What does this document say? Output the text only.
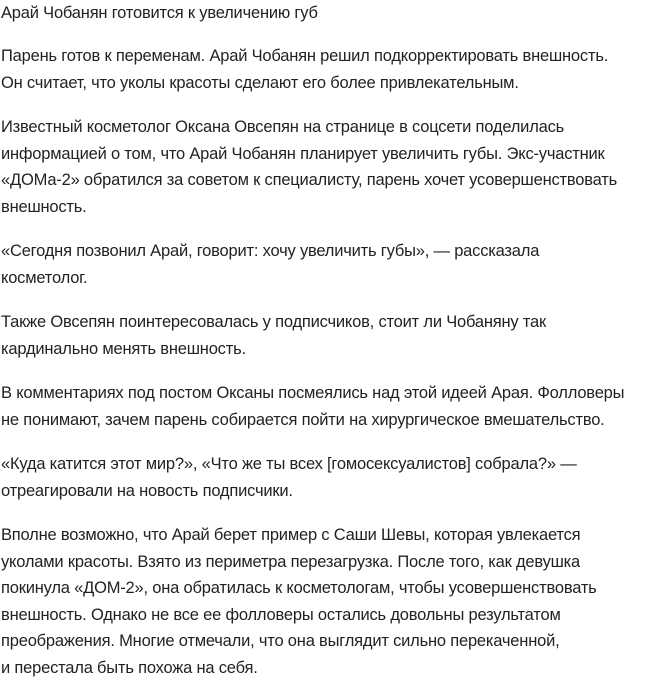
Арай Чобанян готовится к увеличению губ
Парень готов к переменам. Арай Чобанян решил подкорректировать внешность.
Он считает, что уколы красоты сделают его более привлекательным.
Известный косметолог Оксана Овсепян на странице в соцсети поделилась
информацией о том, что Арай Чобанян планирует увеличить губы. Экс-участник
«ДОМа-2» обратился за советом к специалисту, парень хочет усовершенствовать
внешность.
«Сегодня позвонил Арай, говорит: хочу увеличить губы», — рассказала
косметолог.
Также Овсепян поинтересовалась у подписчиков, стоит ли Чобаняну так
кардинально менять внешность.
В комментариях под постом Оксаны посмеялись над этой идеей Арая. Фолловеры
не понимают, зачем парень собирается пойти на хирургическое вмешательство.
«Куда катится этот мир?», «Что же ты всех [гомосексуалистов] собрала?» —
отреагировали на новость подписчики.
Вполне возможно, что Арай берет пример с Саши Шевы, которая увлекается
уколами красоты. Взято из периметра перезагрузка. После того, как девушка
покинула «ДОМ-2», она обратилась к косметологам, чтобы усовершенствовать
внешность. Однако не все ее фолловеры остались довольны результатом
преображения. Многие отмечали, что она выглядит сильно перекаченной,
и перестала быть похожа на себя.
